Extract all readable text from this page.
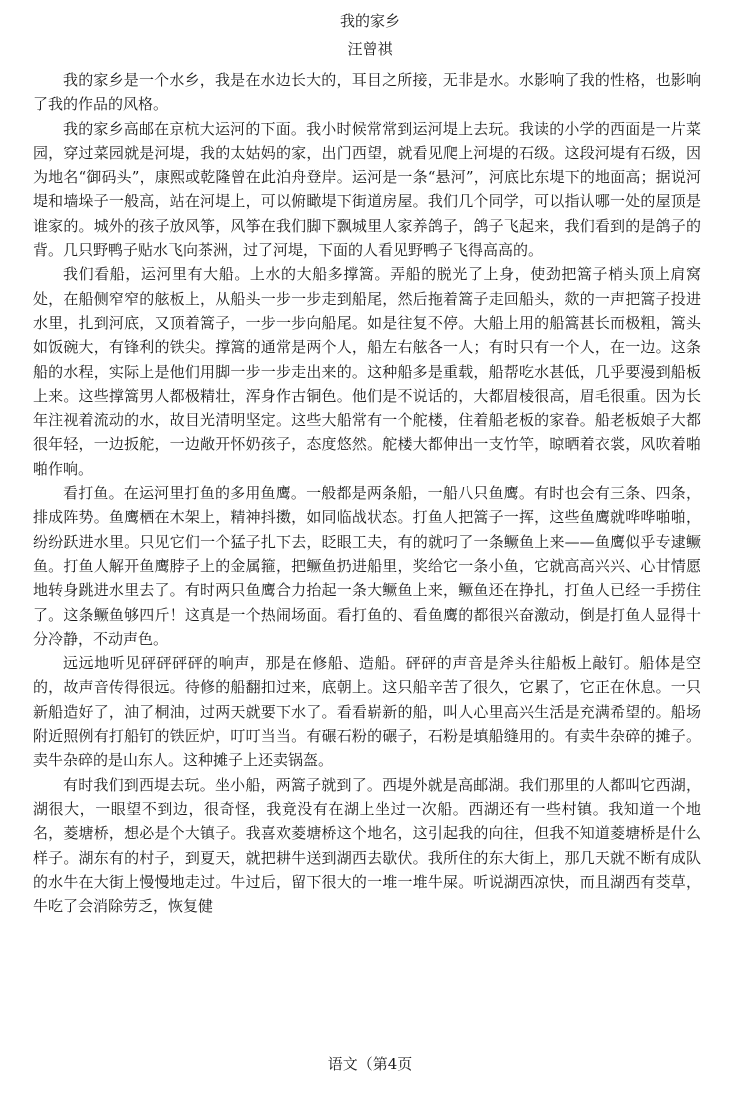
我的家乡
汪曾祺

我的家乡是一个水乡，我是在水边长大的，耳目之所接，无非是水。水影响了我的性格，也影响了我的作品的风格。

我的家乡高邮在京杭大运河的下面。我小时候常常到运河堤上去玩。我读的小学的西面是一片菜园，穿过菜园就是河堤，我的太姑妈的家，出门西望，就看见爬上河堤的石级。这段河堤有石级，因为地名“御码头”，康熙或乾隆曾在此泊舟登岸。运河是一条“悬河”，河底比东堤下的地面高；据说河堤和墙垛子一般高，站在河堤上，可以俯瞰堤下街道房屋。我们几个同学，可以指认哪一处的屋顶是谁家的。城外的孩子放风筝，风筝在我们脚下飘城里人家养鸽子，鸽子飞起来，我们看到的是鸽子的背。几只野鸭子贴水飞向茶洲，过了河堤，下面的人看见野鸭子飞得高高的。

我们看船，运河里有大船。上水的大船多撑篙。弄船的脱光了上身，使劲把篙子梢头顶上肩窝处，在船侧窄窄的舷板上，从船头一步一步走到船尾，然后拖着篙子走回船头，欻的一声把篙子投进水里，扎到河底，又顶着篙子，一步一步向船尾。如是往复不停。大船上用的船篙甚长而极粗，篙头如饭碗大，有锋利的铁尖。撑篙的通常是两个人，船左右舷各一人；有时只有一个人，在一边。这条船的水程，实际上是他们用脚一步一步走出来的。这种船多是重载，船帮吃水甚低，几乎要漫到船板上来。这些撑篙男人都极精壮，浑身作古铜色。他们是不说话的，大都眉棱很高，眉毛很重。因为长年注视着流动的水，故目光清明坚定。这些大船常有一个舵楼，住着船老板的家眷。船老板娘子大都很年轻，一边扳舵，一边敞开怀奶孩子，态度悠然。舵楼大都伸出一支竹竿，晾晒着衣裳，风吹着啪啪作响。

看打鱼。在运河里打鱼的多用鱼鹰。一般都是两条船，一船八只鱼鹰。有时也会有三条、四条，排成阵势。鱼鹰栖在木架上，精神抖擞，如同临战状态。打鱼人把篙子一挥，这些鱼鹰就哗哗啪啪，纷纷跃进水里。只见它们一个猛子扎下去，眨眼工夫，有的就叼了一条鳜鱼上来——鱼鹰似乎专逮鳜鱼。打鱼人解开鱼鹰脖子上的金属箍，把鳜鱼扔进船里，奖给它一条小鱼，它就高高兴兴、心甘情愿地转身跳进水里去了。有时两只鱼鹰合力抬起一条大鳜鱼上来，鳜鱼还在挣扎，打鱼人已经一手捞住了。这条鳜鱼够四斤！这真是一个热闹场面。看打鱼的、看鱼鹰的都很兴奋激动，倒是打鱼人显得十分冷静，不动声色。

远远地听见砰砰砰砰的响声，那是在修船、造船。砰砰的声音是斧头往船板上敲钉。船体是空的，故声音传得很远。待修的船翻扣过来，底朝上。这只船辛苦了很久，它累了，它正在休息。一只新船造好了，油了桐油，过两天就要下水了。看看崭新的船，叫人心里高兴生活是充满希望的。船场附近照例有打船钉的铁匠炉，叮叮当当。有碾石粉的碾子，石粉是填船缝用的。有卖牛杂碎的摊子。卖牛杂碎的是山东人。这种摊子上还卖锅盔。

有时我们到西堤去玩。坐小船，两篙子就到了。西堤外就是高邮湖。我们那里的人都叫它西湖，湖很大，一眼望不到边，很奇怪，我竟没有在湖上坐过一次船。西湖还有一些村镇。我知道一个地名，菱塘桥，想必是个大镇子。我喜欢菱塘桥这个地名，这引起我的向往，但我不知道菱塘桥是什么样子。湖东有的村子，到夏天，就把耕牛送到湖西去歇伏。我所住的东大街上，那几天就不断有成队的水牛在大街上慢慢地走过。牛过后，留下很大的一堆一堆牛屎。听说湖西凉快，而且湖西有茭草，牛吃了会消除劳乏，恢复健

语文（第4页
